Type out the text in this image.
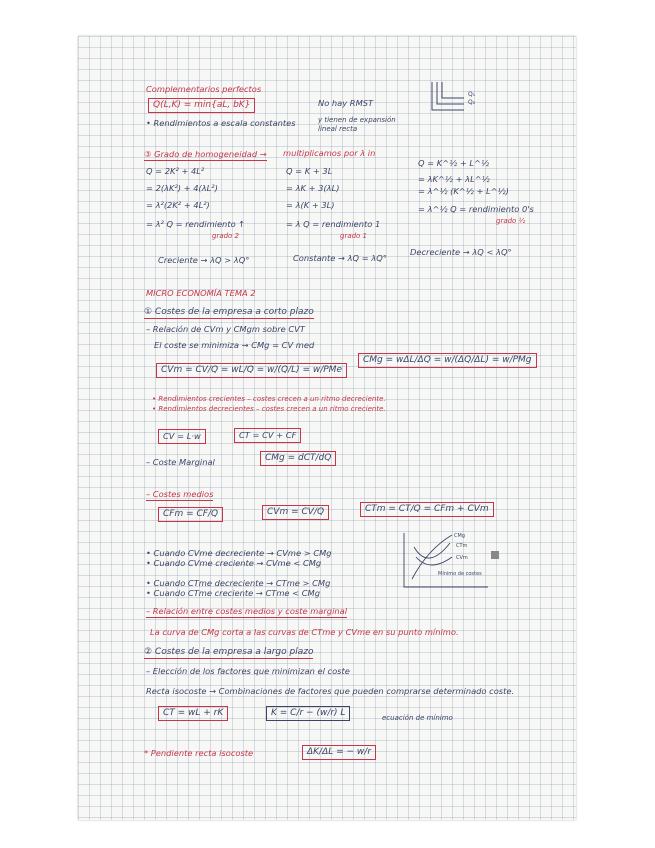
Complementarios perfectos
Q(L,K) = min{aL, bK}	No hay RMST
Q₁
Q₂
• Rendimientos a escala constantes	y tienen de expansión lineal recta
③ Grado de homogeneidad → multiplicamos por λ in
Q = 2K² + 4L²
= 2(λK²) + 4(λL²)
= λ²(2K² + 4L²)
= λ² Q = rendimiento ↑
grado 2
Q = K + 3L
= λK + 3(λL)
= λ(K + 3L)
= λ Q = rendimiento 1
grado 1
Q = K^½ + L^½
= λK^½ + λL^½
= λ^½ (K^½ + L^½)
= λ^½ Q = rendimiento 0's
grado ½
Creciente → λQ > λQ°	Constante → λQ = λQ°
Decreciente → λQ < λQ°
MICRO ECONOMÍA TEMA 2
① Costes de la empresa a corto plazo
– Relación de CVm y CMgm sobre CVT
El coste se minimiza → CMg = CV med
CVm = CV/Q = wL/Q = w/(Q/L) = w/PMe
CMg = wΔL/ΔQ = w/(ΔQ/ΔL) = w/PMg
• Rendimientos crecientes – costes crecen a un ritmo decreciente.
• Rendimientos decrecientes – costes crecen a un ritmo creciente.
CV = L·w	CT = CV + CF
– Coste Marginal	CMg = dCT/dQ
– Costes medios
CFm = CF/Q	CVm = CV/Q	CTm = CT/Q = CFm + CVm
• Cuando CVme decreciente → CVme > CMg
• Cuando CVme creciente → CVme < CMg
• Cuando CTme decreciente → CTme > CMg
• Cuando CTme creciente → CTme < CMg
CMg
CTm
CVm
Mínimo de costes
– Relación entre costes medios y coste marginal
La curva de CMg corta a las curvas de CTme y CVme en su punto mínimo.
② Costes de la empresa a largo plazo
– Elección de los factores que minimizan el coste
Recta isocoste → Combinaciones de factores que pueden comprarse determinado coste.
CT = wL + rK	K = C/r − (w/r) L	ecuación de mínimo
* Pendiente recta isocoste	ΔK/ΔL = − w/r
